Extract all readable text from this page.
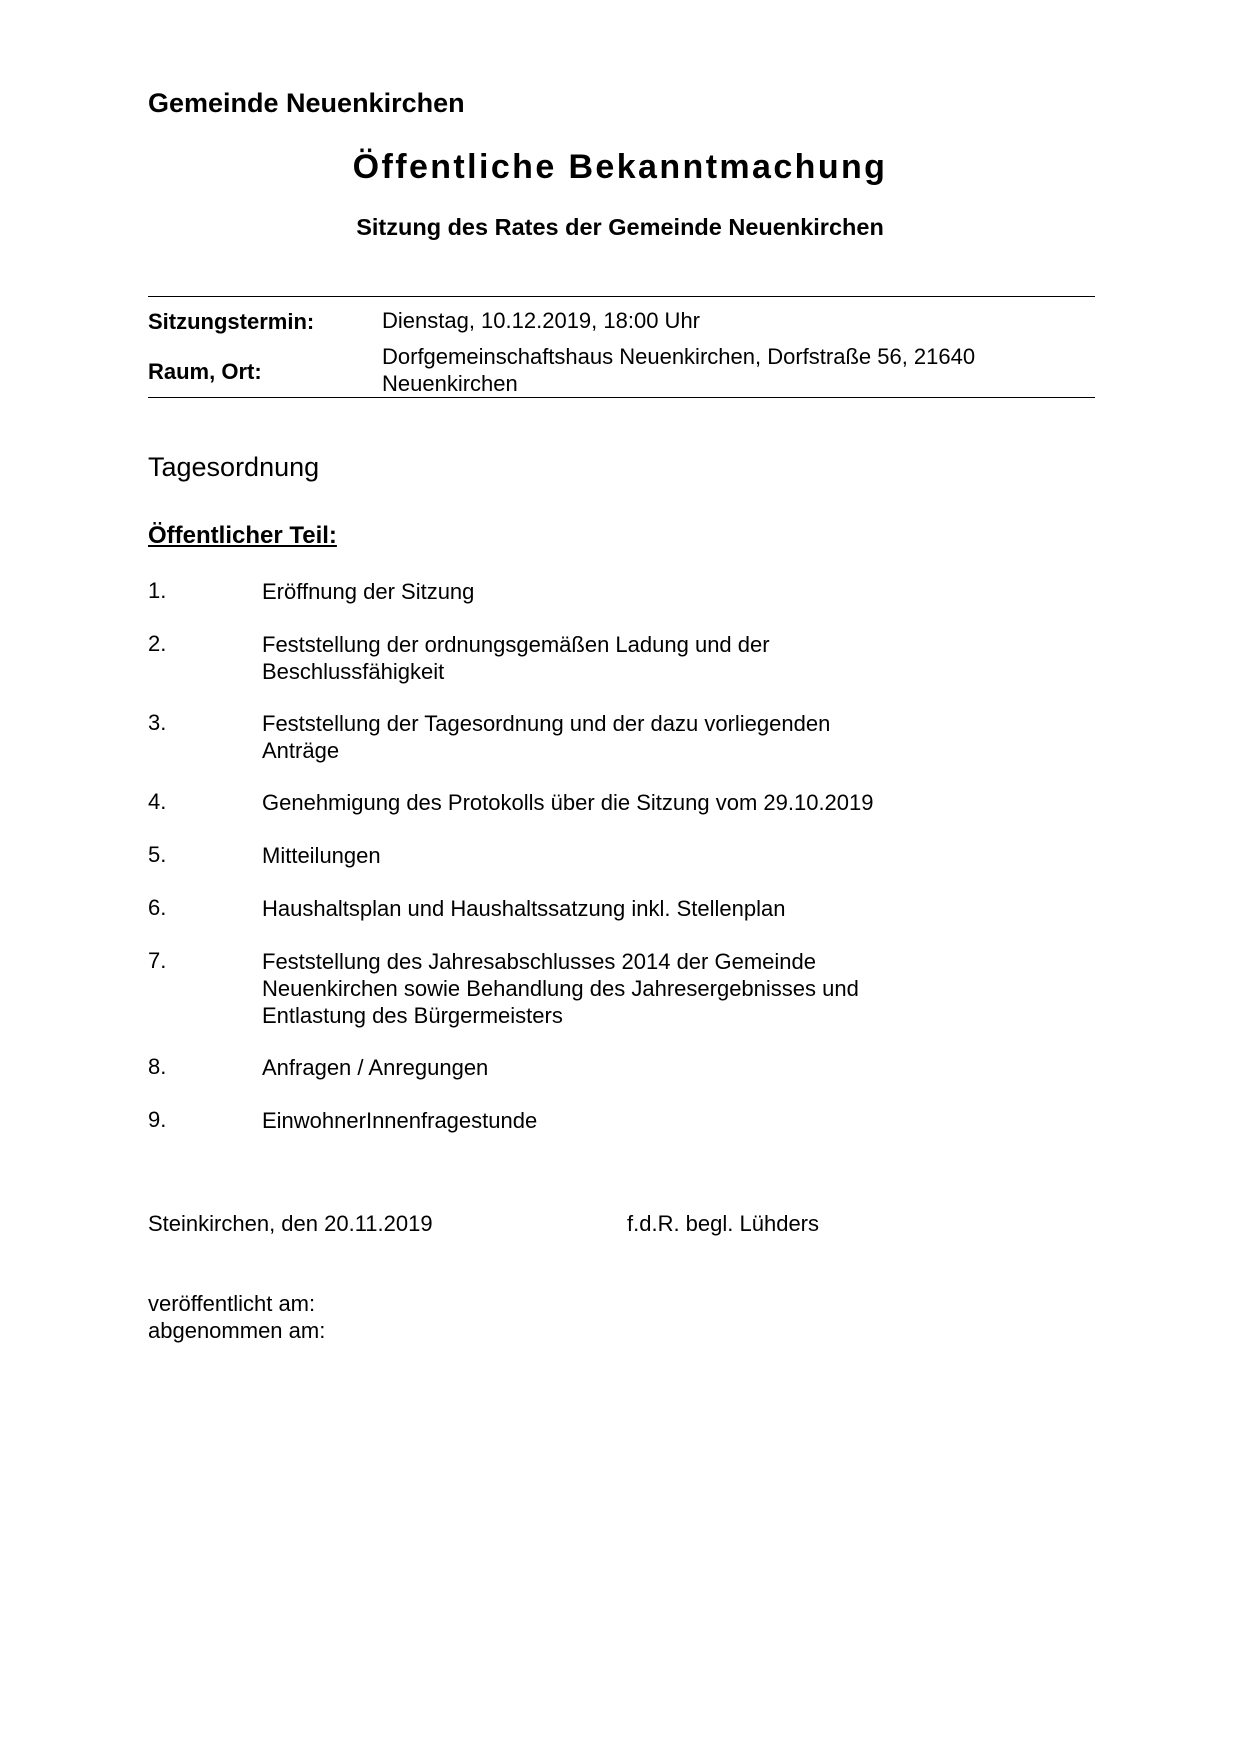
Gemeinde Neuenkirchen
Öffentliche Bekanntmachung
Sitzung des Rates der Gemeinde Neuenkirchen
Sitzungstermin:	Dienstag, 10.12.2019, 18:00 Uhr
Raum, Ort:
Dorfgemeinschaftshaus Neuenkirchen, Dorfstraße 56, 21640
Neuenkirchen
Tagesordnung
Öffentlicher Teil:
1.	Eröffnung der Sitzung
2.	Feststellung der ordnungsgemäßen Ladung und der
Beschlussfähigkeit
3.	Feststellung der Tagesordnung und der dazu vorliegenden
Anträge
4.	Genehmigung des Protokolls über die Sitzung vom 29.10.2019
5.	Mitteilungen
6.	Haushaltsplan und Haushaltssatzung inkl. Stellenplan
7.	Feststellung des Jahresabschlusses 2014 der Gemeinde
Neuenkirchen sowie Behandlung des Jahresergebnisses und
Entlastung des Bürgermeisters
8.	Anfragen / Anregungen
9.	EinwohnerInnenfragestunde
Steinkirchen, den 20.11.2019	f.d.R. begl. Lühders
veröffentlicht am:
abgenommen am:
